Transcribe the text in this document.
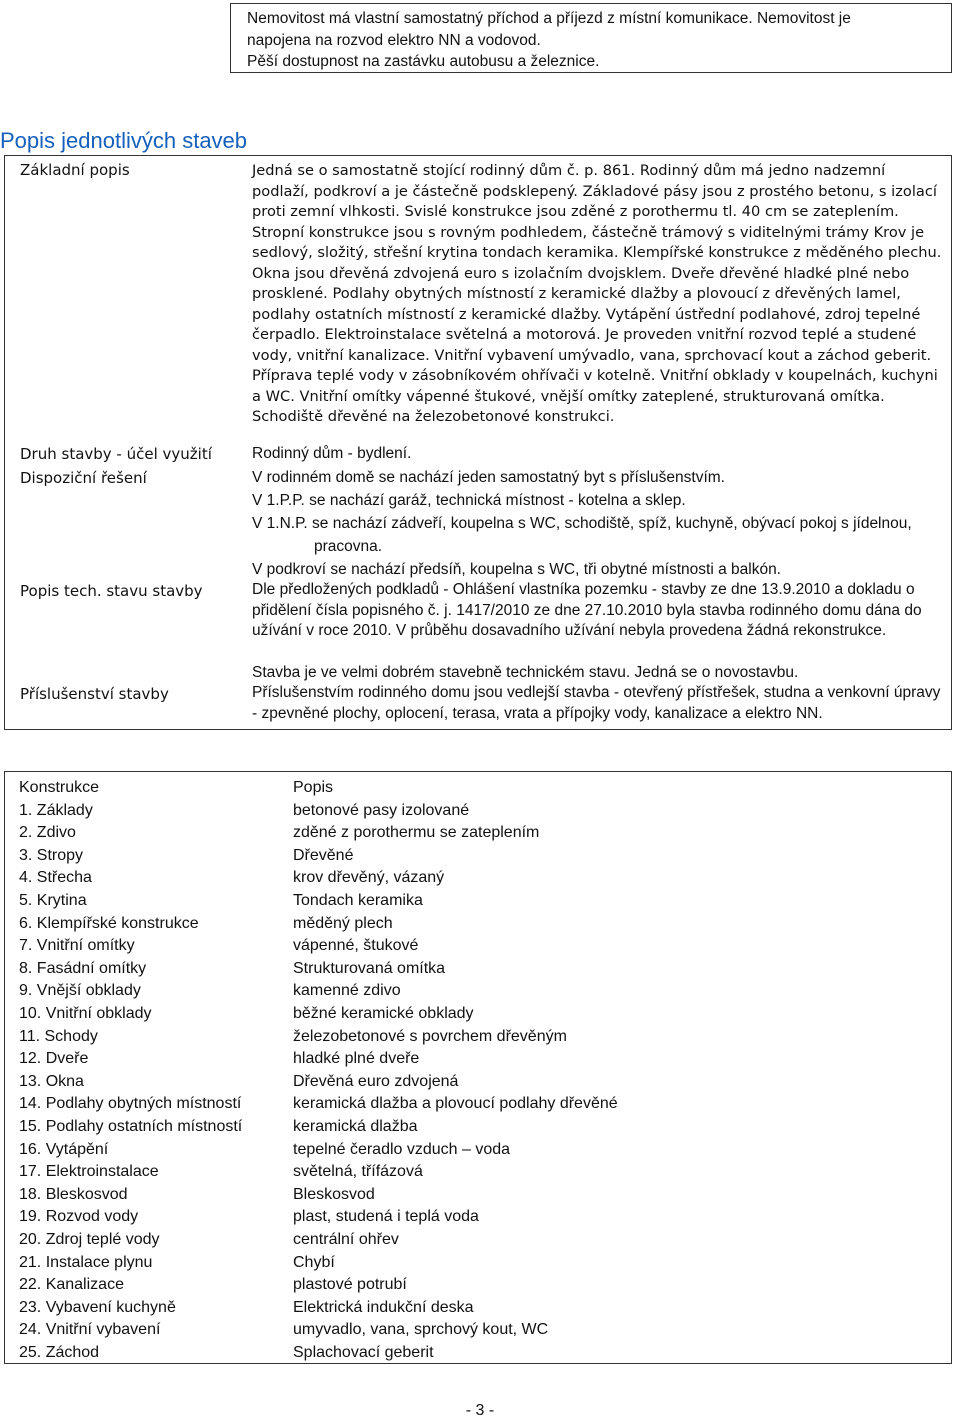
Nemovitost má vlastní samostatný příchod a příjezd z místní komunikace. Nemovitost je
napojena na rozvod elektro NN a vodovod.
Pěší dostupnost na zastávku autobusu a železnice.
Popis jednotlivých staveb
Základní popis	Jedná se o samostatně stojící rodinný dům č. p. 861. Rodinný dům má jedno nadzemní podlaží, podkroví a je částečně podsklepený. Základové pásy jsou z prostého betonu, s izolací proti zemní vlhkosti. Svislé konstrukce jsou zděné z porothermu tl. 40 cm se zateplením. Stropní konstrukce jsou s rovným podhledem, částečně trámový s viditelnými trámy Krov je sedlový, složitý, střešní krytina tondach keramika. Klempířské konstrukce z měděného plechu. Okna jsou dřevěná zdvojená euro s izolačním dvojsklem. Dveře dřevěné hladké plné nebo prosklené. Podlahy obytných místností z keramické dlažby a plovoucí z dřevěných lamel, podlahy ostatních místností z keramické dlažby. Vytápění ústřední podlahové, zdroj tepelné čerpadlo. Elektroinstalace světelná a motorová. Je proveden vnitřní rozvod teplé a studené vody, vnitřní kanalizace. Vnitřní vybavení umývadlo, vana, sprchovací kout a záchod geberit. Příprava teplé vody v zásobníkovém ohřívači v kotelně. Vnitřní obklady v koupelnách, kuchyni a WC. Vnitřní omítky vápenné štukové, vnější omítky zateplené, strukturovaná omítka. Schodiště dřevěné na železobetonové konstrukci.
Druh stavby - účel využití	Rodinný dům - bydlení.
Dispoziční řešení	V rodinném domě se nachází jeden samostatný byt s příslušenstvím.
V 1.P.P. se nachází garáž, technická místnost - kotelna a sklep.
V 1.N.P. se nachází zádveří, koupelna s WC, schodiště, spíž, kuchyně, obývací pokoj s jídelnou,
pracovna.
V podkroví se nachází předsíň, koupelna s WC, tři obytné místnosti a balkón.
Popis tech. stavu stavby	Dle předložených podkladů - Ohlášení vlastníka pozemku - stavby ze dne 13.9.2010 a dokladu o přidělení čísla popisného č. j. 1417/2010 ze dne 27.10.2010 byla stavba rodinného domu dána do užívání v roce 2010. V průběhu dosavadního užívání nebyla provedena žádná rekonstrukce.
Stavba je ve velmi dobrém stavebně technickém stavu. Jedná se o novostavbu.
Příslušenství stavby	Příslušenstvím rodinného domu jsou vedlejší stavba - otevřený přístřešek, studna a venkovní úpravy - zpevněné plochy, oplocení, terasa, vrata a přípojky vody, kanalizace a elektro NN.
Konstrukce	Popis
1. Základy	betonové pasy izolované
2. Zdivo	zděné z porothermu se zateplením
3. Stropy	Dřevěné
4. Střecha	krov dřevěný, vázaný
5. Krytina	Tondach keramika
6. Klempířské konstrukce	měděný plech
7. Vnitřní omítky	vápenné, štukové
8. Fasádní omítky	Strukturovaná omítka
9. Vnější obklady	kamenné zdivo
10. Vnitřní obklady	běžné keramické obklady
11. Schody	železobetonové s povrchem dřevěným
12. Dveře	hladké plné dveře
13. Okna	Dřevěná euro zdvojená
14. Podlahy obytných místností	keramická dlažba a plovoucí podlahy dřevěné
15. Podlahy ostatních místností	keramická dlažba
16. Vytápění	tepelné čeradlo vzduch – voda
17. Elektroinstalace	světelná, třífázová
18. Bleskosvod	Bleskosvod
19. Rozvod vody	plast, studená i teplá voda
20. Zdroj teplé vody	centrální ohřev
21. Instalace plynu	Chybí
22. Kanalizace	plastové potrubí
23. Vybavení kuchyně	Elektrická indukční deska
24. Vnitřní vybavení	umyvadlo, vana, sprchový kout, WC
25. Záchod	Splachovací geberit
- 3 -
